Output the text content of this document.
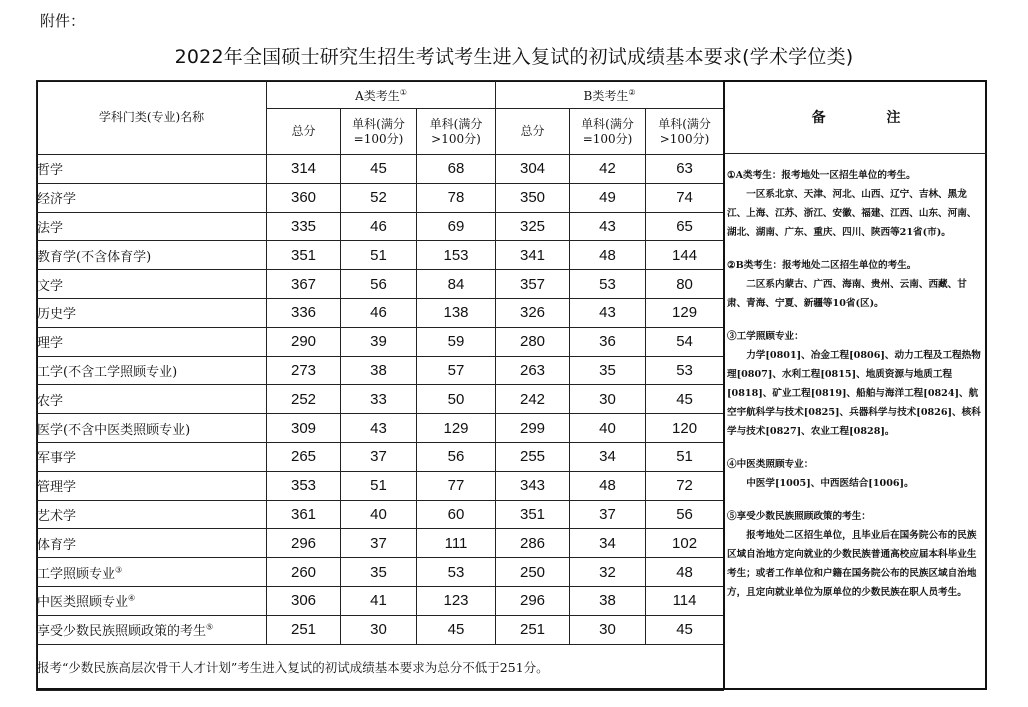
附件：
2022年全国硕士研究生招生考试考生进入复试的初试成绩基本要求(学术学位类)
学科门类(专业)名称	A类考生①			B类考生②
	总分	单科(满分=100分)	单科(满分>100分)	总分	单科(满分=100分)	单科(满分>100分)
哲学	314	45	68	304	42	63
经济学	360	52	78	350	49	74
法学	335	46	69	325	43	65
教育学(不含体育学)	351	51	153	341	48	144
文学	367	56	84	357	53	80
历史学	336	46	138	326	43	129
理学	290	39	59	280	36	54
工学(不含工学照顾专业)	273	38	57	263	35	53
农学	252	33	50	242	30	45
医学(不含中医类照顾专业)	309	43	129	299	40	120
军事学	265	37	56	255	34	51
管理学	353	51	77	343	48	72
艺术学	361	40	60	351	37	56
体育学	296	37	111	286	34	102
工学照顾专业③	260	35	53	250	32	48
中医类照顾专业④	306	41	123	296	38	114
享受少数民族照顾政策的考生⑤	251	30	45	251	30	45
报考“少数民族高层次骨干人才计划”考生进入复试的初试成绩基本要求为总分不低于251分。						
备 注
①A类考生：报考地处一区招生单位的考生。
一区系北京、天津、河北、山西、辽宁、吉林、黑龙江、上海、江苏、浙江、安徽、福建、江西、山东、河南、湖北、湖南、广东、重庆、四川、陕西等21省(市)。
②B类考生：报考地处二区招生单位的考生。
二区系内蒙古、广西、海南、贵州、云南、西藏、甘肃、青海、宁夏、新疆等10省(区)。
③工学照顾专业：
力学[0801]、冶金工程[0806]、动力工程及工程热物理[0807]、水利工程[0815]、地质资源与地质工程[0818]、矿业工程[0819]、船舶与海洋工程[0824]、航空宇航科学与技术[0825]、兵器科学与技术[0826]、核科学与技术[0827]、农业工程[0828]。
④中医类照顾专业：
中医学[1005]、中西医结合[1006]。
⑤享受少数民族照顾政策的考生：
报考地处二区招生单位，且毕业后在国务院公布的民族区域自治地方定向就业的少数民族普通高校应届本科毕业生考生；或者工作单位和户籍在国务院公布的民族区域自治地方，且定向就业单位为原单位的少数民族在职人员考生。
